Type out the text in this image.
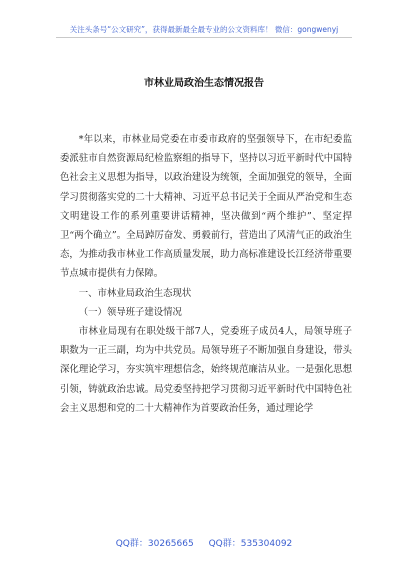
关注头条号“公文研究”，获得最新最全最专业的公文资料库！ 微信：gongwenyj
市林业局政治生态情况报告

*年以来，市林业局党委在市委市政府的坚强领导下，在市纪委监委派驻市自然资源局纪检监察组的指导下，坚持以习近平新时代中国特色社会主义思想为指导，以政治建设为统领，全面加强党的领导，全面学习贯彻落实党的二十大精神、习近平总书记关于全面从严治党和生态文明建设工作的系列重要讲话精神，坚决做到“两个维护”、坚定捍卫“两个确立”。全局踔厉奋发、勇毅前行，营造出了风清气正的政治生态，为推动我市林业工作高质量发展，助力高标准建设长江经济带重要节点城市提供有力保障。

一、市林业局政治生态现状

（一）领导班子建设情况

市林业局现有在职处级干部7人，党委班子成员4人，局领导班子职数为一正三副，均为中共党员。局领导班子不断加强自身建设，带头深化理论学习，夯实筑牢理想信念，始终规范廉洁从业。一是强化思想引领，铸就政治忠诚。局党委坚持把学习贯彻习近平新时代中国特色社会主义思想和党的二十大精神作为首要政治任务，通过理论学

QQ群：30265665 QQ群：535304092
